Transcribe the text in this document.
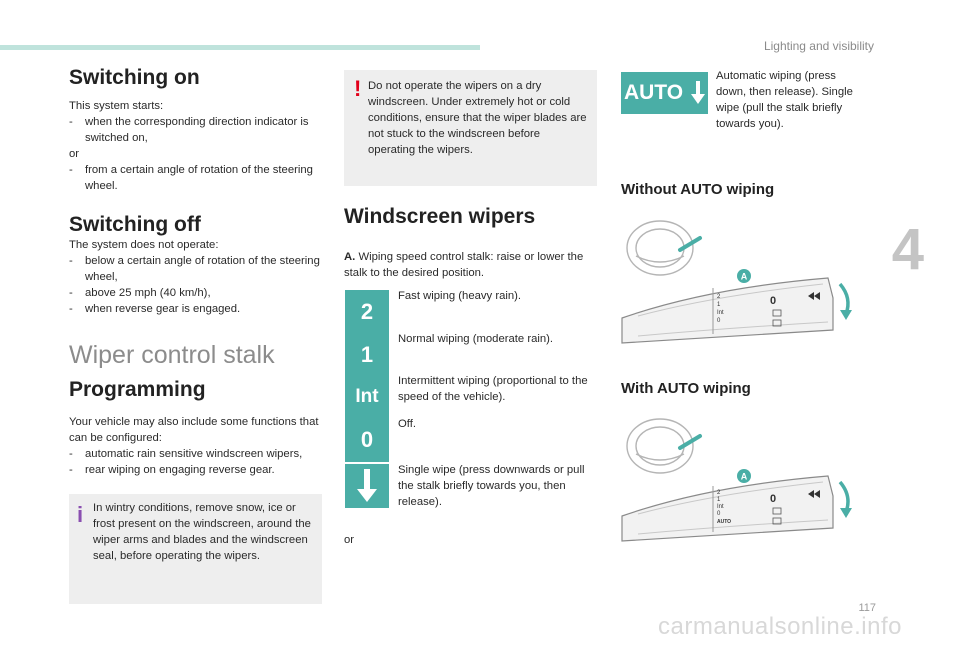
Lighting and visibility
4
117
carmanualsonline.info
Switching on

This system starts:

- when the corresponding direction indicator is switched on,

or

- from a certain angle of rotation of the steering wheel.
Switching off

The system does not operate:

- below a certain angle of rotation of the steering wheel,
- above 25 mph (40 km/h),
- when reverse gear is engaged.
Wiper control stalk
Programming

Your vehicle may also include some functions that can be configured:

- automatic rain sensitive windscreen wipers,
- rear wiping on engaging reverse gear.
i In wintry conditions, remove snow, ice or frost present on the windscreen, around the wiper arms and blades and the windscreen seal, before operating the wipers.
! Do not operate the wipers on a dry windscreen. Under extremely hot or cold conditions, ensure that the wiper blades are not stuck to the windscreen before operating the wipers.
Windscreen wipers

A. Wiping speed control stalk: raise or lower the stalk to the desired position.

2
Fast wiping (heavy rain).
1
Normal wiping (moderate rain).
Int
Intermittent wiping (proportional to the speed of the vehicle).
0
Off.
Single wipe (press downwards or pull the stalk briefly towards you, then release).

or

AUTO

Automatic wiping (press down, then release). Single wipe (pull the stalk briefly towards you).

Without AUTO wiping
2
1
Int
0
0
A
With AUTO wiping
2
1
Int
0
AUTO
0
A
